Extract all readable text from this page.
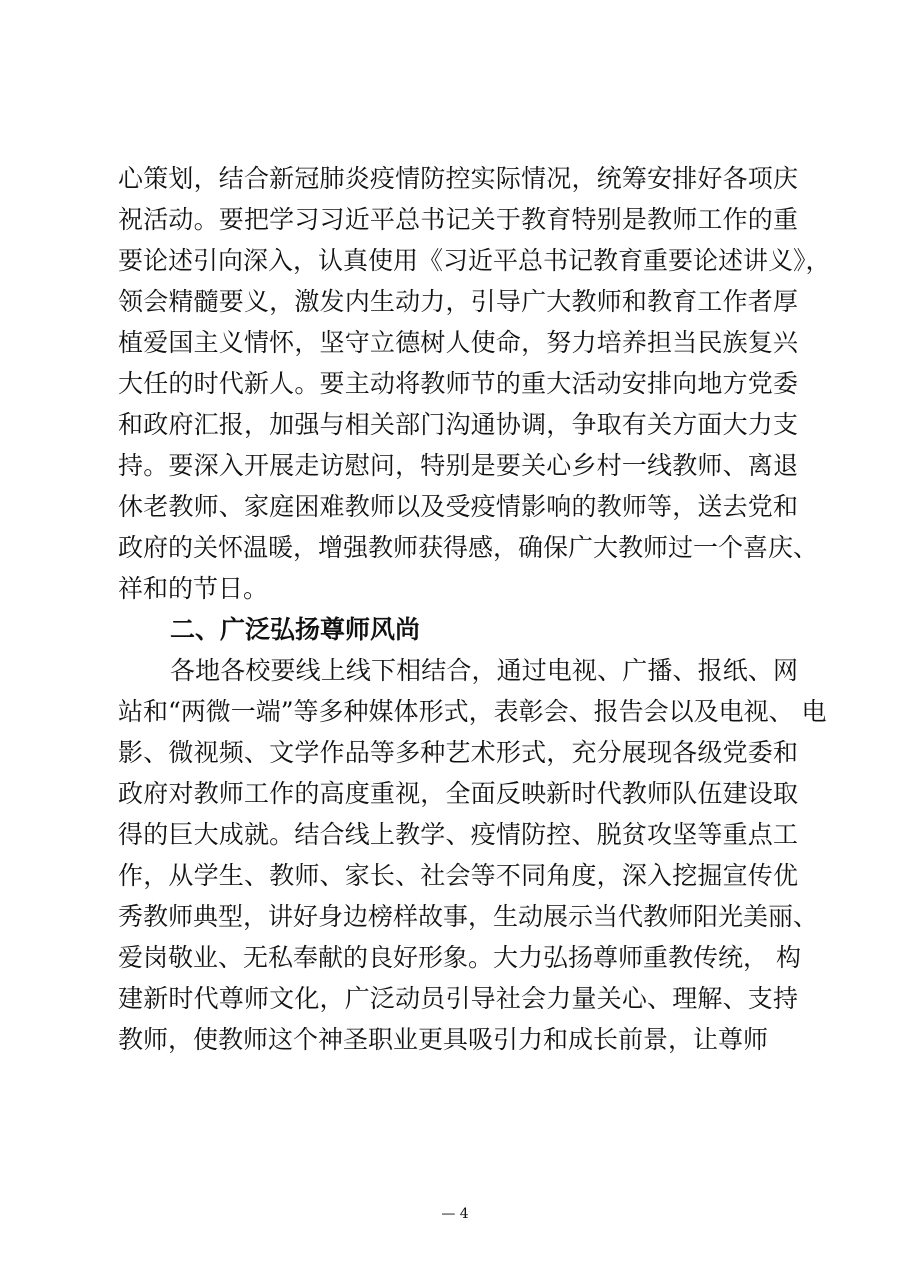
心策划，结合新冠肺炎疫情防控实际情况，统筹安排好各项庆
祝活动。要把学习习近平总书记关于教育特别是教师工作的重
要论述引向深入，认真使用《习近平总书记教育重要论述讲义》，
领会精髓要义，激发内生动力，引导广大教师和教育工作者厚
植爱国主义情怀，坚守立德树人使命，努力培养担当民族复兴
大任的时代新人。要主动将教师节的重大活动安排向地方党委
和政府汇报，加强与相关部门沟通协调，争取有关方面大力支
持。要深入开展走访慰问，特别是要关心乡村一线教师、离退
休老教师、家庭困难教师以及受疫情影响的教师等，送去党和
政府的关怀温暖，增强教师获得感，确保广大教师过一个喜庆、
祥和的节日。
二、广泛弘扬尊师风尚
各地各校要线上线下相结合，通过电视、广播、报纸、网
站和“两微一端”等多种媒体形式，表彰会、报告会以及电视、 电
影、微视频、文学作品等多种艺术形式，充分展现各级党委和
政府对教师工作的高度重视，全面反映新时代教师队伍建设取
得的巨大成就。结合线上教学、疫情防控、脱贫攻坚等重点工
作，从学生、教师、家长、社会等不同角度，深入挖掘宣传优
秀教师典型，讲好身边榜样故事，生动展示当代教师阳光美丽、
爱岗敬业、无私奉献的良好形象。大力弘扬尊师重教传统， 构
建新时代尊师文化，广泛动员引导社会力量关心、理解、支持
教师，使教师这个神圣职业更具吸引力和成长前景，让尊师
— 4
